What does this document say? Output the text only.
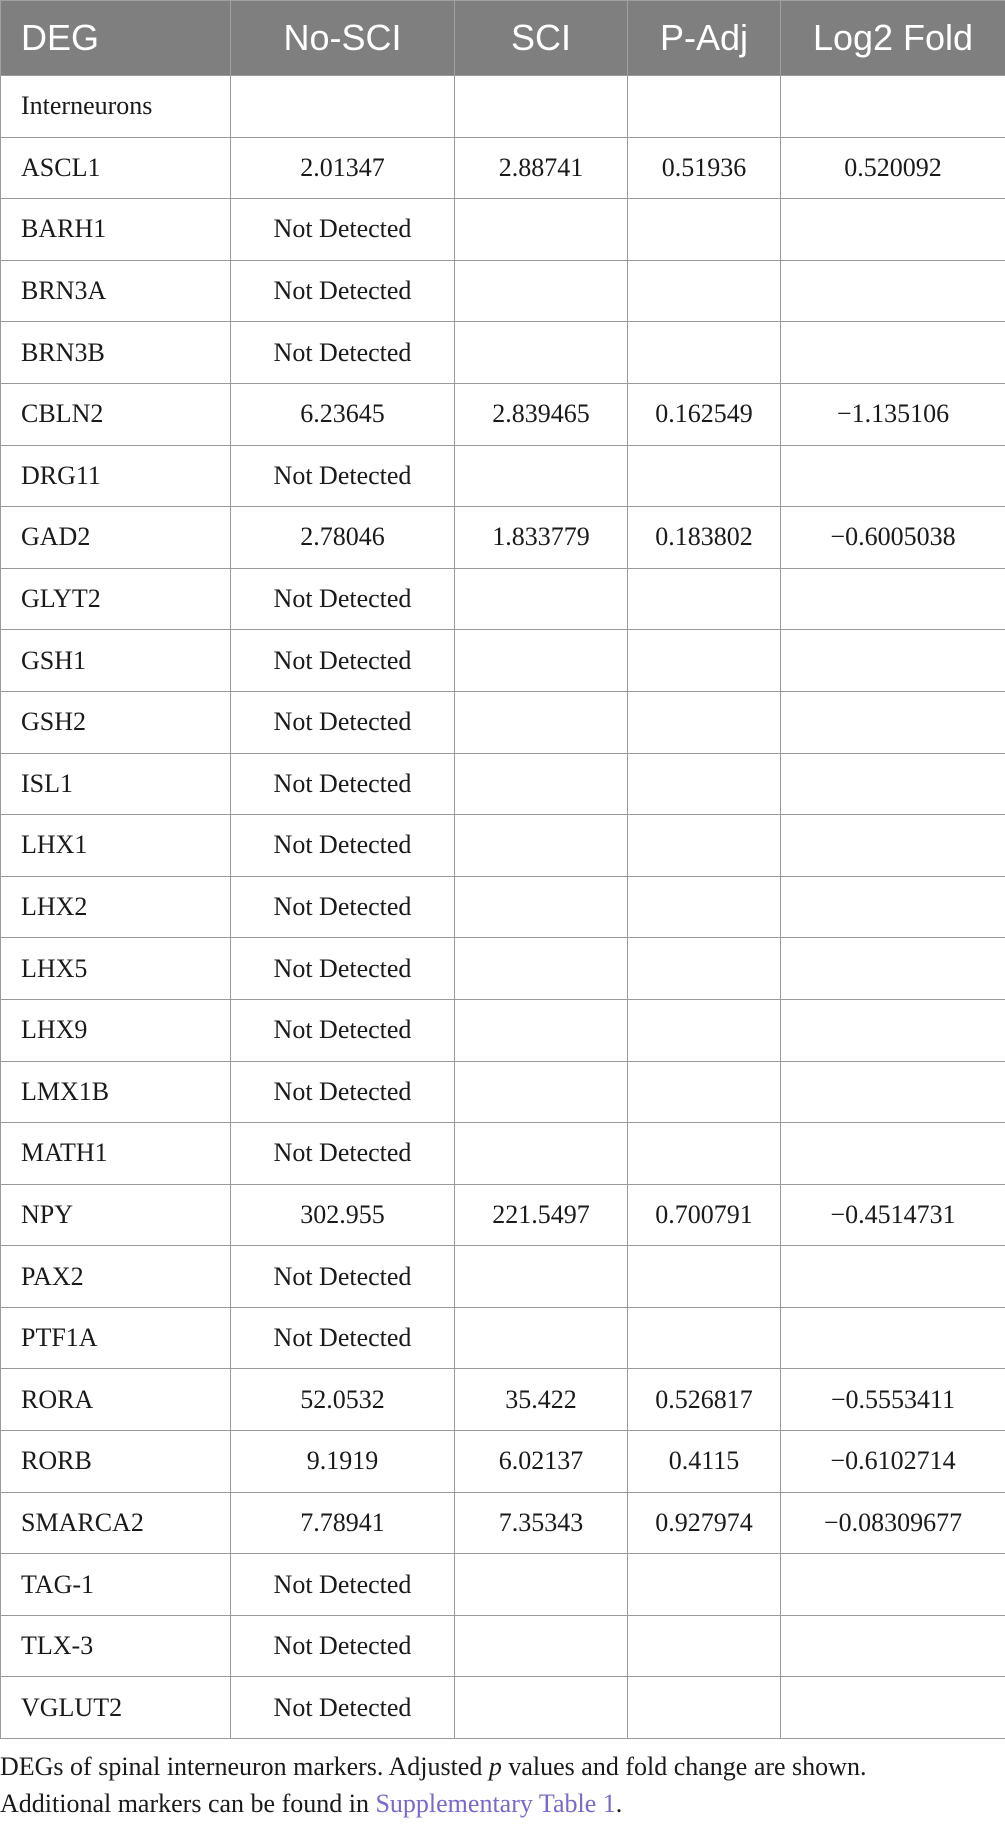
DEG	No-SCI	SCI	P-Adj	Log2 Fold
Interneurons				
ASCL1	2.01347	2.88741	0.51936	0.520092
BARH1	Not Detected			
BRN3A	Not Detected			
BRN3B	Not Detected			
CBLN2	6.23645	2.839465	0.162549	−1.135106
DRG11	Not Detected			
GAD2	2.78046	1.833779	0.183802	−0.6005038
GLYT2	Not Detected			
GSH1	Not Detected			
GSH2	Not Detected			
ISL1	Not Detected			
LHX1	Not Detected			
LHX2	Not Detected			
LHX5	Not Detected			
LHX9	Not Detected			
LMX1B	Not Detected			
MATH1	Not Detected			
NPY	302.955	221.5497	0.700791	−0.4514731
PAX2	Not Detected			
PTF1A	Not Detected			
RORA	52.0532	35.422	0.526817	−0.5553411
RORB	9.1919	6.02137	0.4115	−0.6102714
SMARCA2	7.78941	7.35343	0.927974	−0.08309677
TAG-1	Not Detected			
TLX-3	Not Detected			
VGLUT2	Not Detected			
DEGs of spinal interneuron markers. Adjusted p values and fold change are shown.
Additional markers can be found in Supplementary Table 1.
